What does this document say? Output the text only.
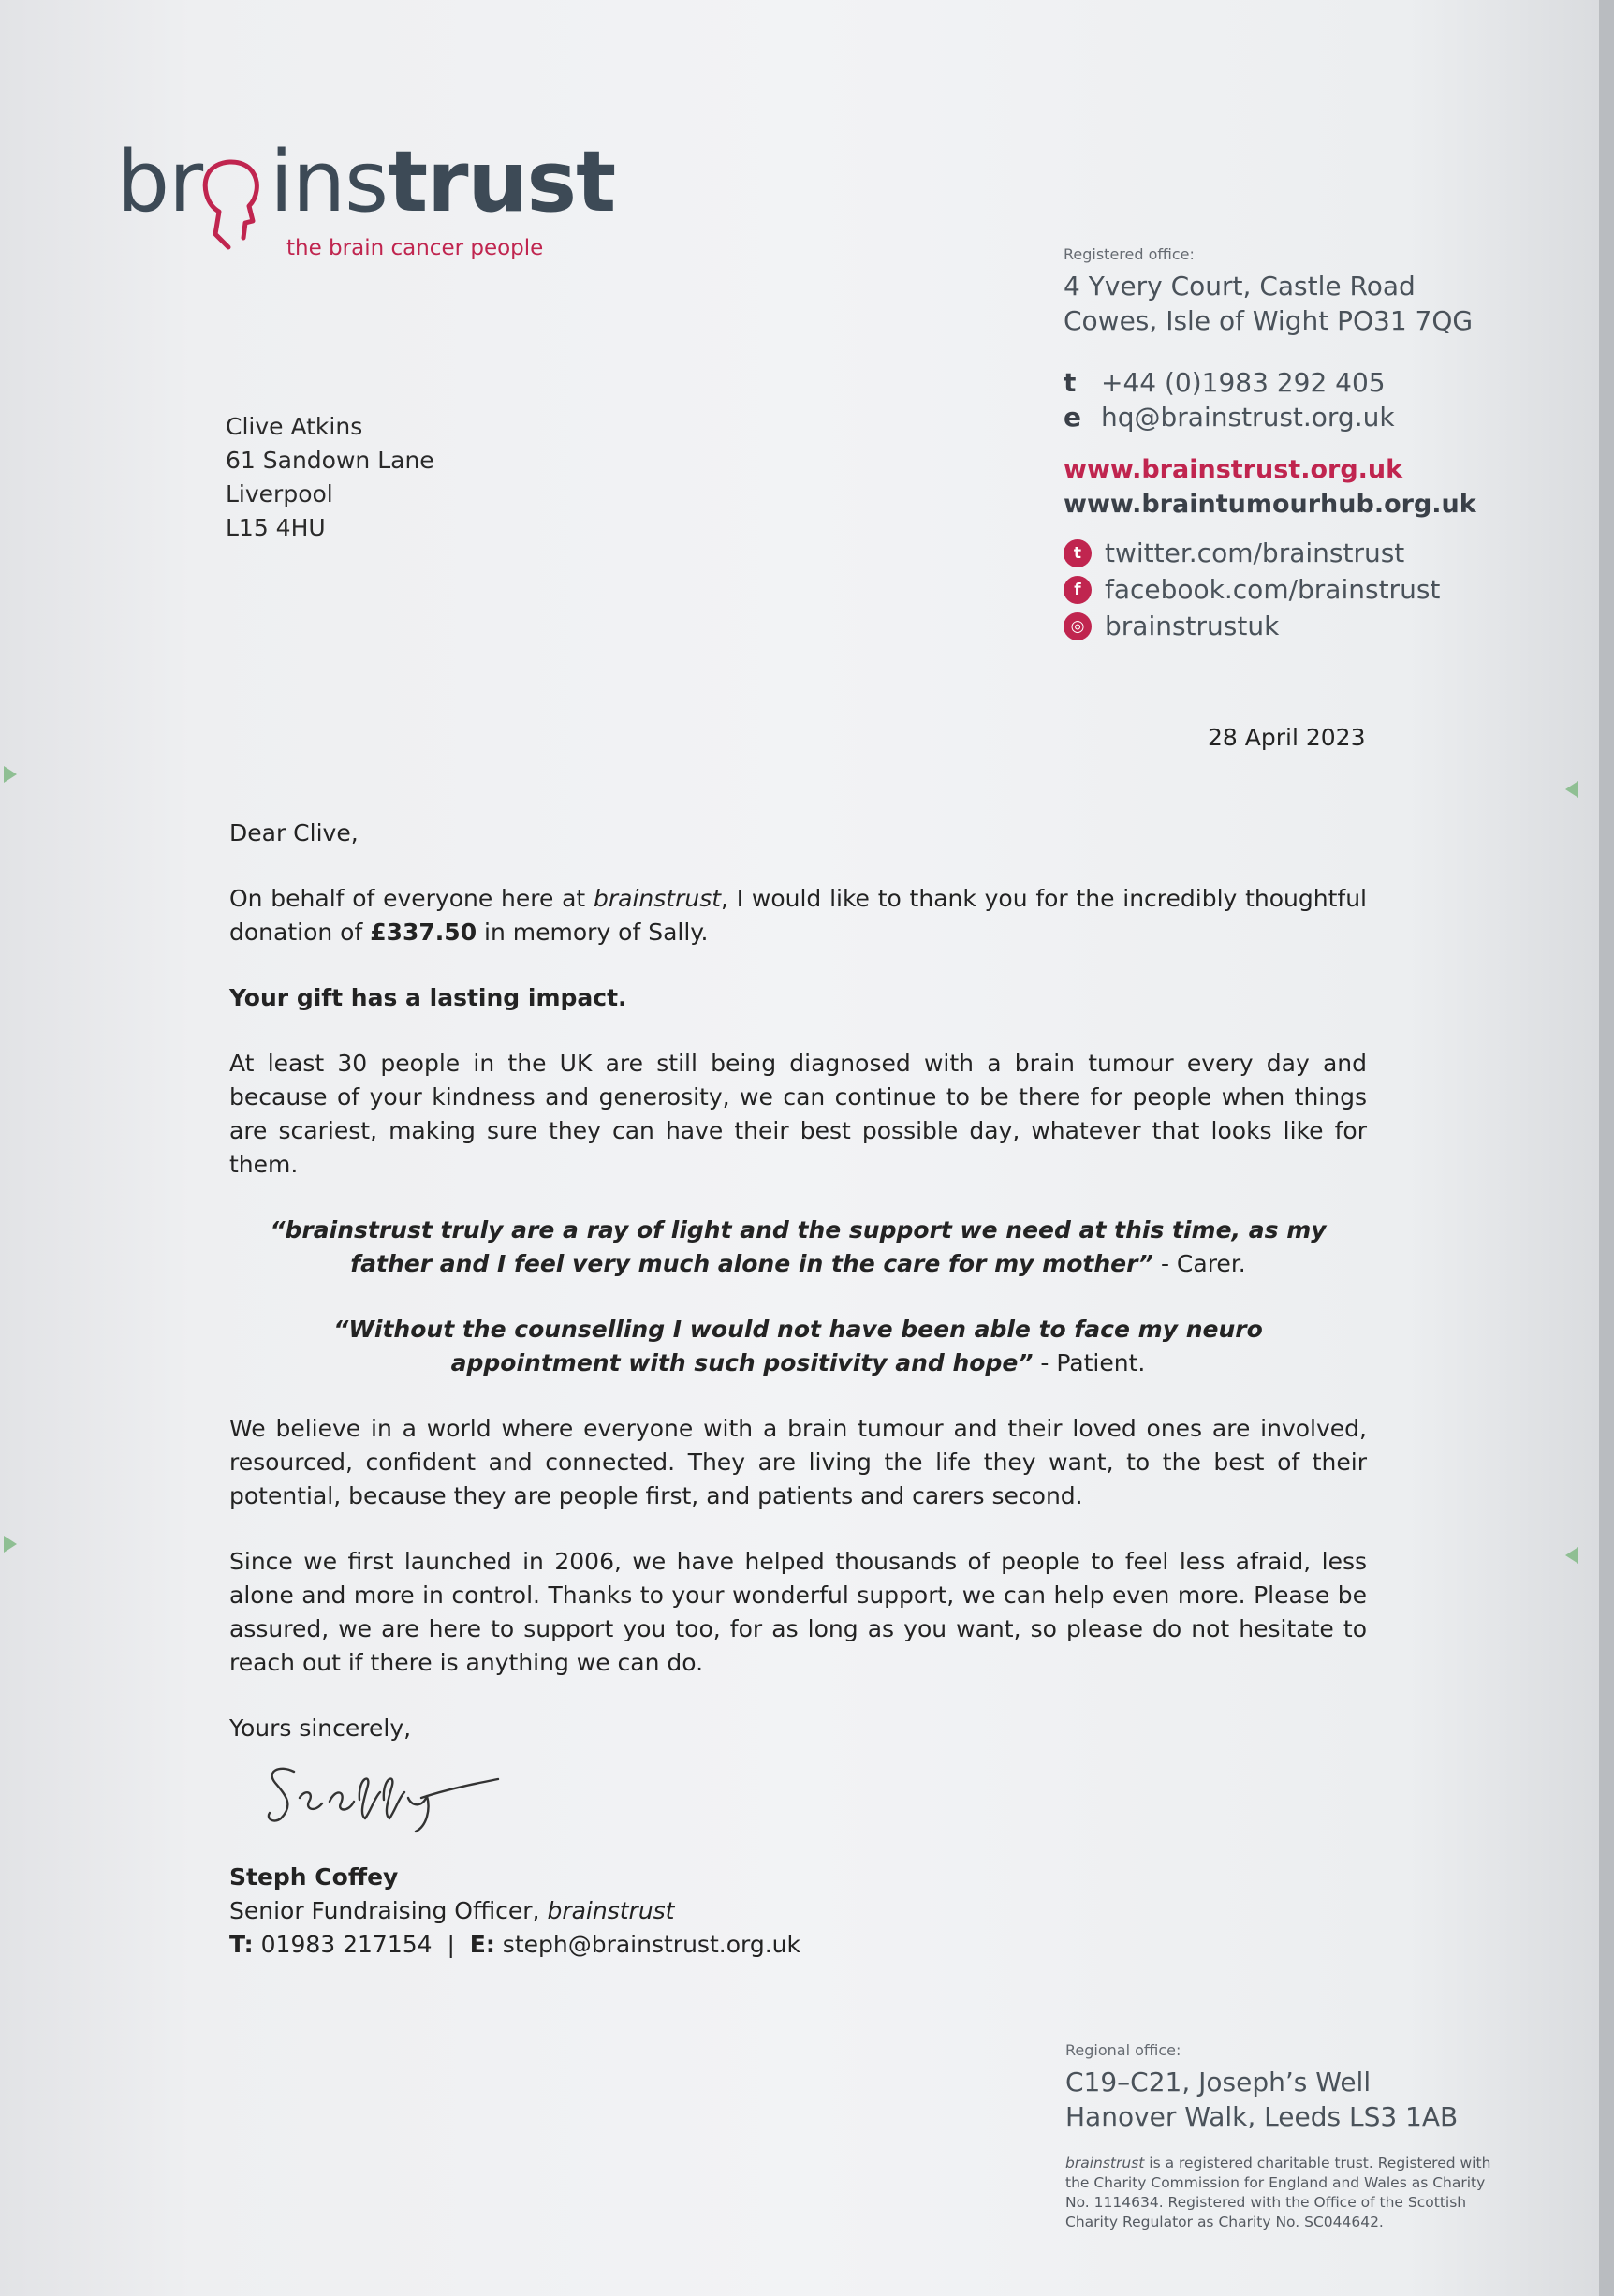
br instrust
the brain cancer people	Registered office:
4 Yvery Court, Castle Road
Cowes, Isle of Wight PO31 7QG
t +44 (0)1983 292 405
e hq@brainstrust.org.uk
www.brainstrust.org.uk
www.braintumourhub.org.uk
t twitter.com/brainstrust
f facebook.com/brainstrust
◎ brainstrustuk
Clive Atkins
61 Sandown Lane
Liverpool
L15 4HU
28 April 2023
Dear Clive,
On behalf of everyone here at brainstrust, I would like to thank you for the incredibly thoughtful donation of £337.50 in memory of Sally.
Your gift has a lasting impact.
At least 30 people in the UK are still being diagnosed with a brain tumour every day and because of your kindness and generosity, we can continue to be there for people when things are scariest, making sure they can have their best possible day, whatever that looks like for them.
“brainstrust truly are a ray of light and the support we need at this time, as my father and I feel very much alone in the care for my mother” - Carer.
“Without the counselling I would not have been able to face my neuro appointment with such positivity and hope” - Patient.
We believe in a world where everyone with a brain tumour and their loved ones are involved, resourced, confident and connected. They are living the life they want, to the best of their potential, because they are people first, and patients and carers second.
Since we first launched in 2006, we have helped thousands of people to feel less afraid, less alone and more in control. Thanks to your wonderful support, we can help even more. Please be assured, we are here to support you too, for as long as you want, so please do not hesitate to reach out if there is anything we can do.
Yours sincerely,
Steph Coffey
Senior Fundraising Officer, brainstrust
T: 01983 217154  |  E: steph@brainstrust.org.uk
Regional office:
C19–C21, Joseph’s Well
Hanover Walk, Leeds LS3 1AB
brainstrust is a registered charitable trust. Registered with the Charity Commission for England and Wales as Charity No. 1114634. Registered with the Office of the Scottish Charity Regulator as Charity No. SC044642.
